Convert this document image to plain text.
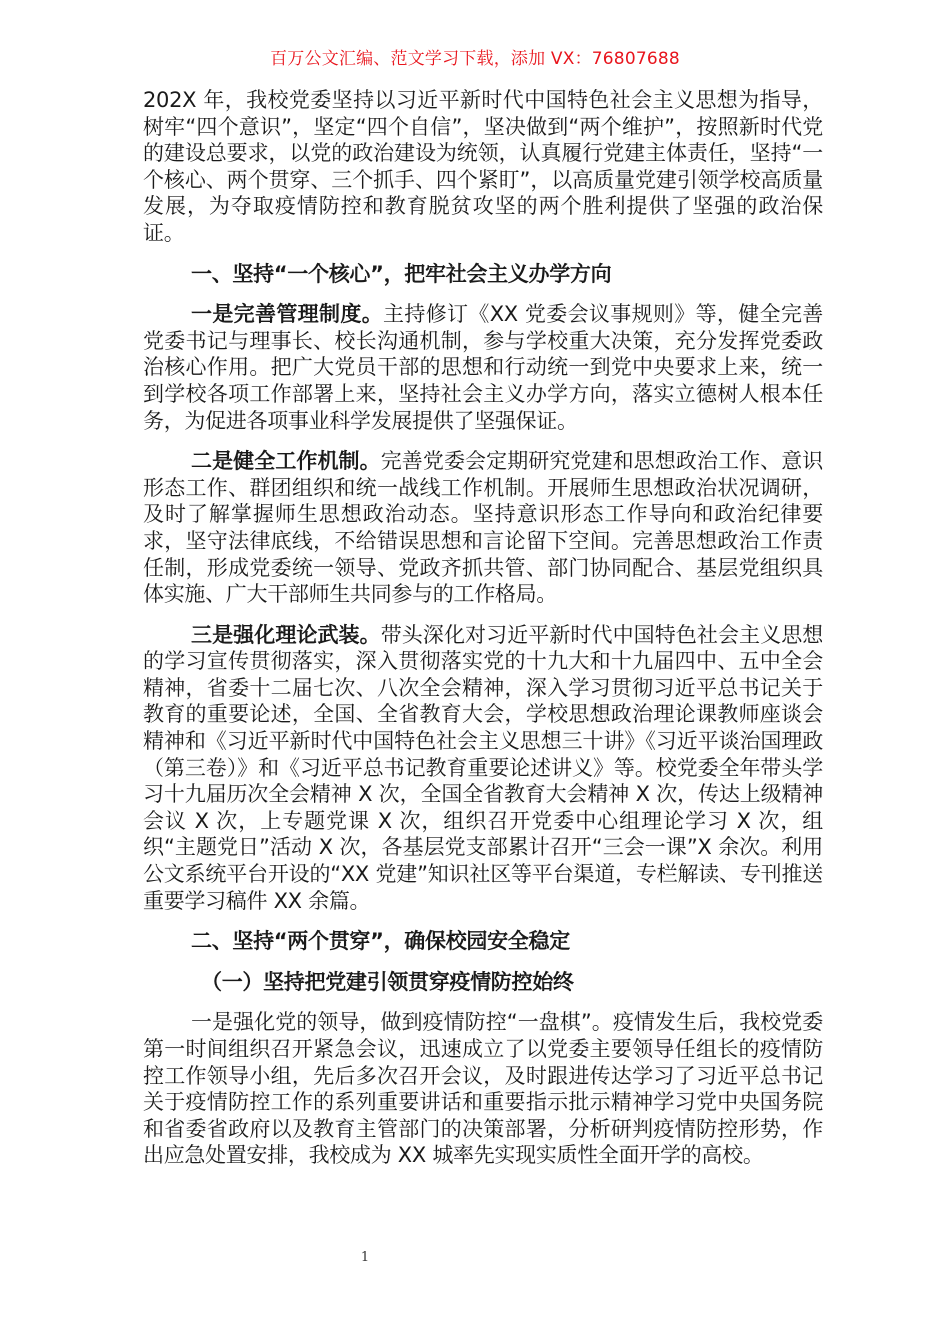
百万公文汇编、范文学习下载，添加 VX：76807688

202X 年，我校党委坚持以习近平新时代中国特色社会主义思想为指导，树牢“四个意识”，坚定“四个自信”，坚决做到“两个维护”，按照新时代党的建设总要求，以党的政治建设为统领，认真履行党建主体责任，坚持“一个核心、两个贯穿、三个抓手、四个紧盯”，以高质量党建引领学校高质量发展，为夺取疫情防控和教育脱贫攻坚的两个胜利提供了坚强的政治保证。

一、坚持“一个核心”，把牢社会主义办学方向

一是完善管理制度。主持修订《XX 党委会议事规则》等，健全完善党委书记与理事长、校长沟通机制，参与学校重大决策，充分发挥党委政治核心作用。把广大党员干部的思想和行动统一到党中央要求上来，统一到学校各项工作部署上来，坚持社会主义办学方向，落实立德树人根本任务，为促进各项事业科学发展提供了坚强保证。

二是健全工作机制。完善党委会定期研究党建和思想政治工作、意识形态工作、群团组织和统一战线工作机制。开展师生思想政治状况调研，及时了解掌握师生思想政治动态。坚持意识形态工作导向和政治纪律要求，坚守法律底线，不给错误思想和言论留下空间。完善思想政治工作责任制，形成党委统一领导、党政齐抓共管、部门协同配合、基层党组织具体实施、广大干部师生共同参与的工作格局。

三是强化理论武装。带头深化对习近平新时代中国特色社会主义思想的学习宣传贯彻落实，深入贯彻落实党的十九大和十九届四中、五中全会精神，省委十二届七次、八次全会精神，深入学习贯彻习近平总书记关于教育的重要论述，全国、全省教育大会，学校思想政治理论课教师座谈会精神和《习近平新时代中国特色社会主义思想三十讲》《习近平谈治国理政（第三卷）》和《习近平总书记教育重要论述讲义》等。校党委全年带头学习十九届历次全会精神 X 次，全国全省教育大会精神 X 次，传达上级精神会议 X 次，上专题党课 X 次，组织召开党委中心组理论学习 X 次，组织“主题党日”活动 X 次，各基层党支部累计召开“三会一课”X 余次。利用公文系统平台开设的“XX 党建”知识社区等平台渠道，专栏解读、专刊推送重要学习稿件 XX 余篇。

二、坚持“两个贯穿”，确保校园安全稳定

（一）坚持把党建引领贯穿疫情防控始终

一是强化党的领导，做到疫情防控“一盘棋”。疫情发生后，我校党委第一时间组织召开紧急会议，迅速成立了以党委主要领导任组长的疫情防控工作领导小组，先后多次召开会议，及时跟进传达学习了习近平总书记关于疫情防控工作的系列重要讲话和重要指示批示精神学习党中央国务院和省委省政府以及教育主管部门的决策部署，分析研判疫情防控形势，作出应急处置安排，我校成为 XX 城率先实现实质性全面开学的高校。

1
